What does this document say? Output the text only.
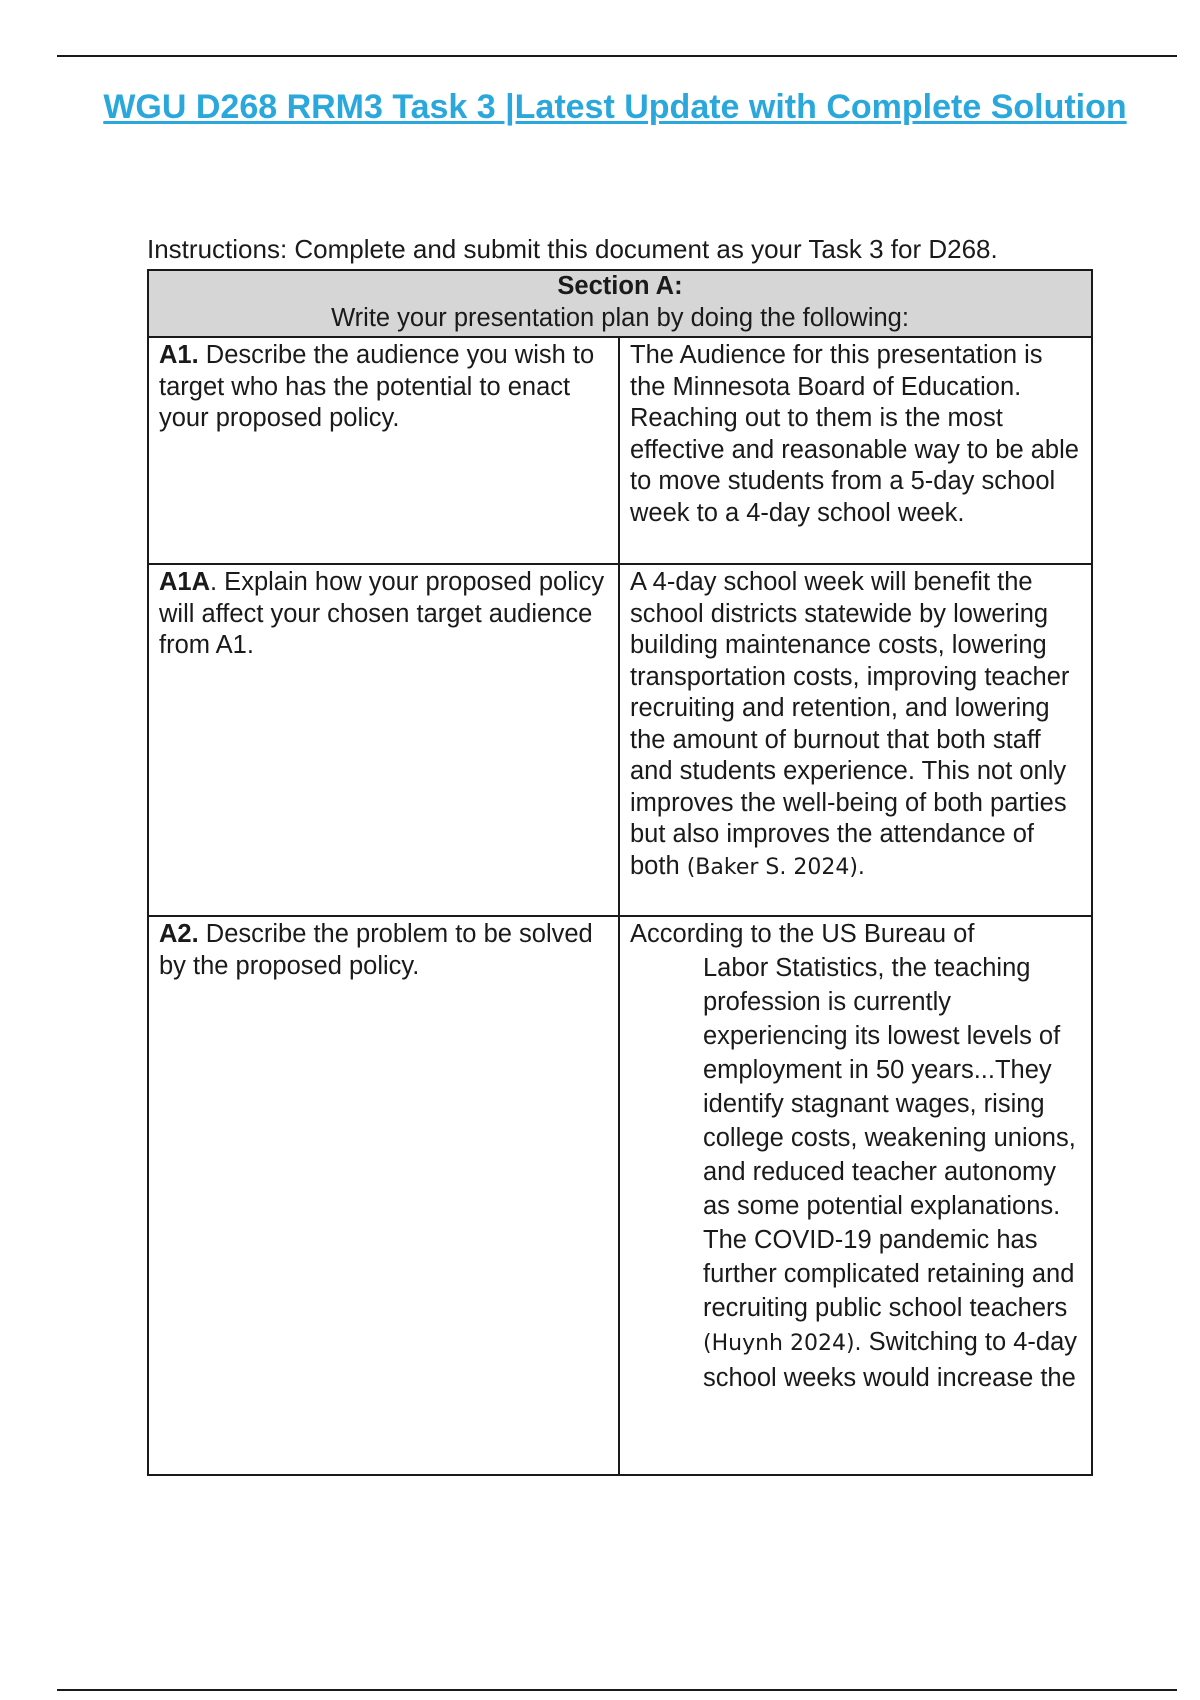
WGU D268 RRM3 Task 3 |Latest Update with Complete Solution
Instructions: Complete and submit this document as your Task 3 for D268.
Section A:
Write your presentation plan by doing the following:	

A1. Describe the audience you wish to target who has the potential to enact your proposed policy.	The Audience for this presentation is the Minnesota Board of Education. Reaching out to them is the most effective and reasonable way to be able to move students from a 5-day school week to a 4-day school week.
A1A. Explain how your proposed policy will affect your chosen target audience from A1.	A 4-day school week will benefit the school districts statewide by lowering building maintenance costs, lowering transportation costs, improving teacher recruiting and retention, and lowering the amount of burnout that both staff and students experience. This not only improves the well-being of both parties but also improves the attendance of both (Baker S. 2024).
A2. Describe the problem to be solved by the proposed policy.	According to the US Bureau of
Labor Statistics, the teaching profession is currently experiencing its lowest levels of employment in 50 years...They identify stagnant wages, rising college costs, weakening unions, and reduced teacher autonomy as some potential explanations. The COVID-19 pandemic has further complicated retaining and recruiting public school teachers (Huynh 2024). Switching to 4-day school weeks would increase the
